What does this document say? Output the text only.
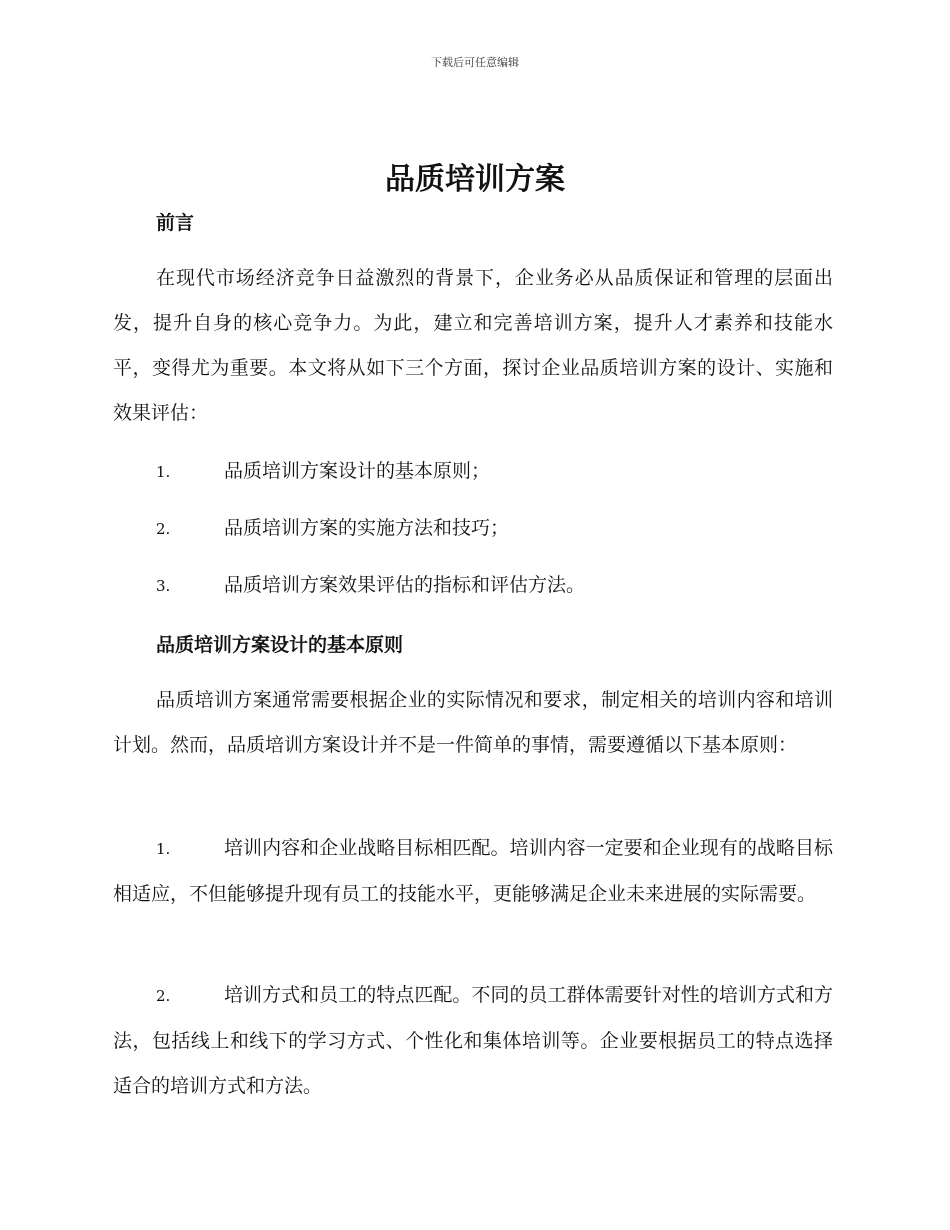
下载后可任意编辑
品质培训方案
前言
在现代市场经济竞争日益激烈的背景下，企业务必从品质保证和管理的层面出发，提升自身的核心竞争力。为此，建立和完善培训方案，提升人才素养和技能水平，变得尤为重要。本文将从如下三个方面，探讨企业品质培训方案的设计、实施和效果评估：
1.	品质培训方案设计的基本原则；
2.	品质培训方案的实施方法和技巧；
3.	品质培训方案效果评估的指标和评估方法。
品质培训方案设计的基本原则
品质培训方案通常需要根据企业的实际情况和要求，制定相关的培训内容和培训计划。然而，品质培训方案设计并不是一件简单的事情，需要遵循以下基本原则：
1.	培训内容和企业战略目标相匹配。培训内容一定要和企业现有的战略目标相适应，不但能够提升现有员工的技能水平，更能够满足企业未来进展的实际需要。
2.	培训方式和员工的特点匹配。不同的员工群体需要针对性的培训方式和方法，包括线上和线下的学习方式、个性化和集体培训等。企业要根据员工的特点选择适合的培训方式和方法。
